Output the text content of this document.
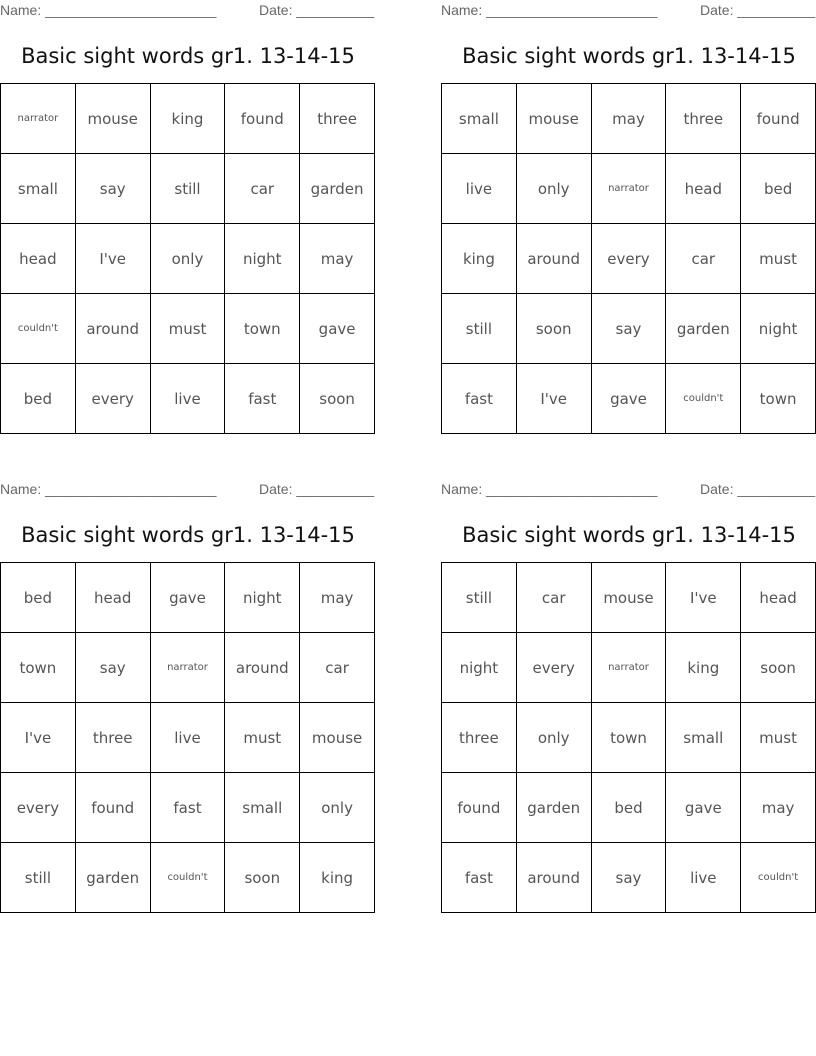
Name: ______________________	Date: __________
Basic sight words gr1. 13-14-15
narrator	mouse	king	found	three
small	say	still	car	garden
head	I've	only	night	may
couldn't	around	must	town	gave
bed	every	live	fast	soon
Name: ______________________	Date: __________
Basic sight words gr1. 13-14-15
small	mouse	may	three	found
live	only	narrator	head	bed
king	around	every	car	must
still	soon	say	garden	night
fast	I've	gave	couldn't	town
Name: ______________________	Date: __________
Basic sight words gr1. 13-14-15
bed	head	gave	night	may
town	say	narrator	around	car
I've	three	live	must	mouse
every	found	fast	small	only
still	garden	couldn't	soon	king
Name: ______________________	Date: __________
Basic sight words gr1. 13-14-15
still	car	mouse	I've	head
night	every	narrator	king	soon
three	only	town	small	must
found	garden	bed	gave	may
fast	around	say	live	couldn't
